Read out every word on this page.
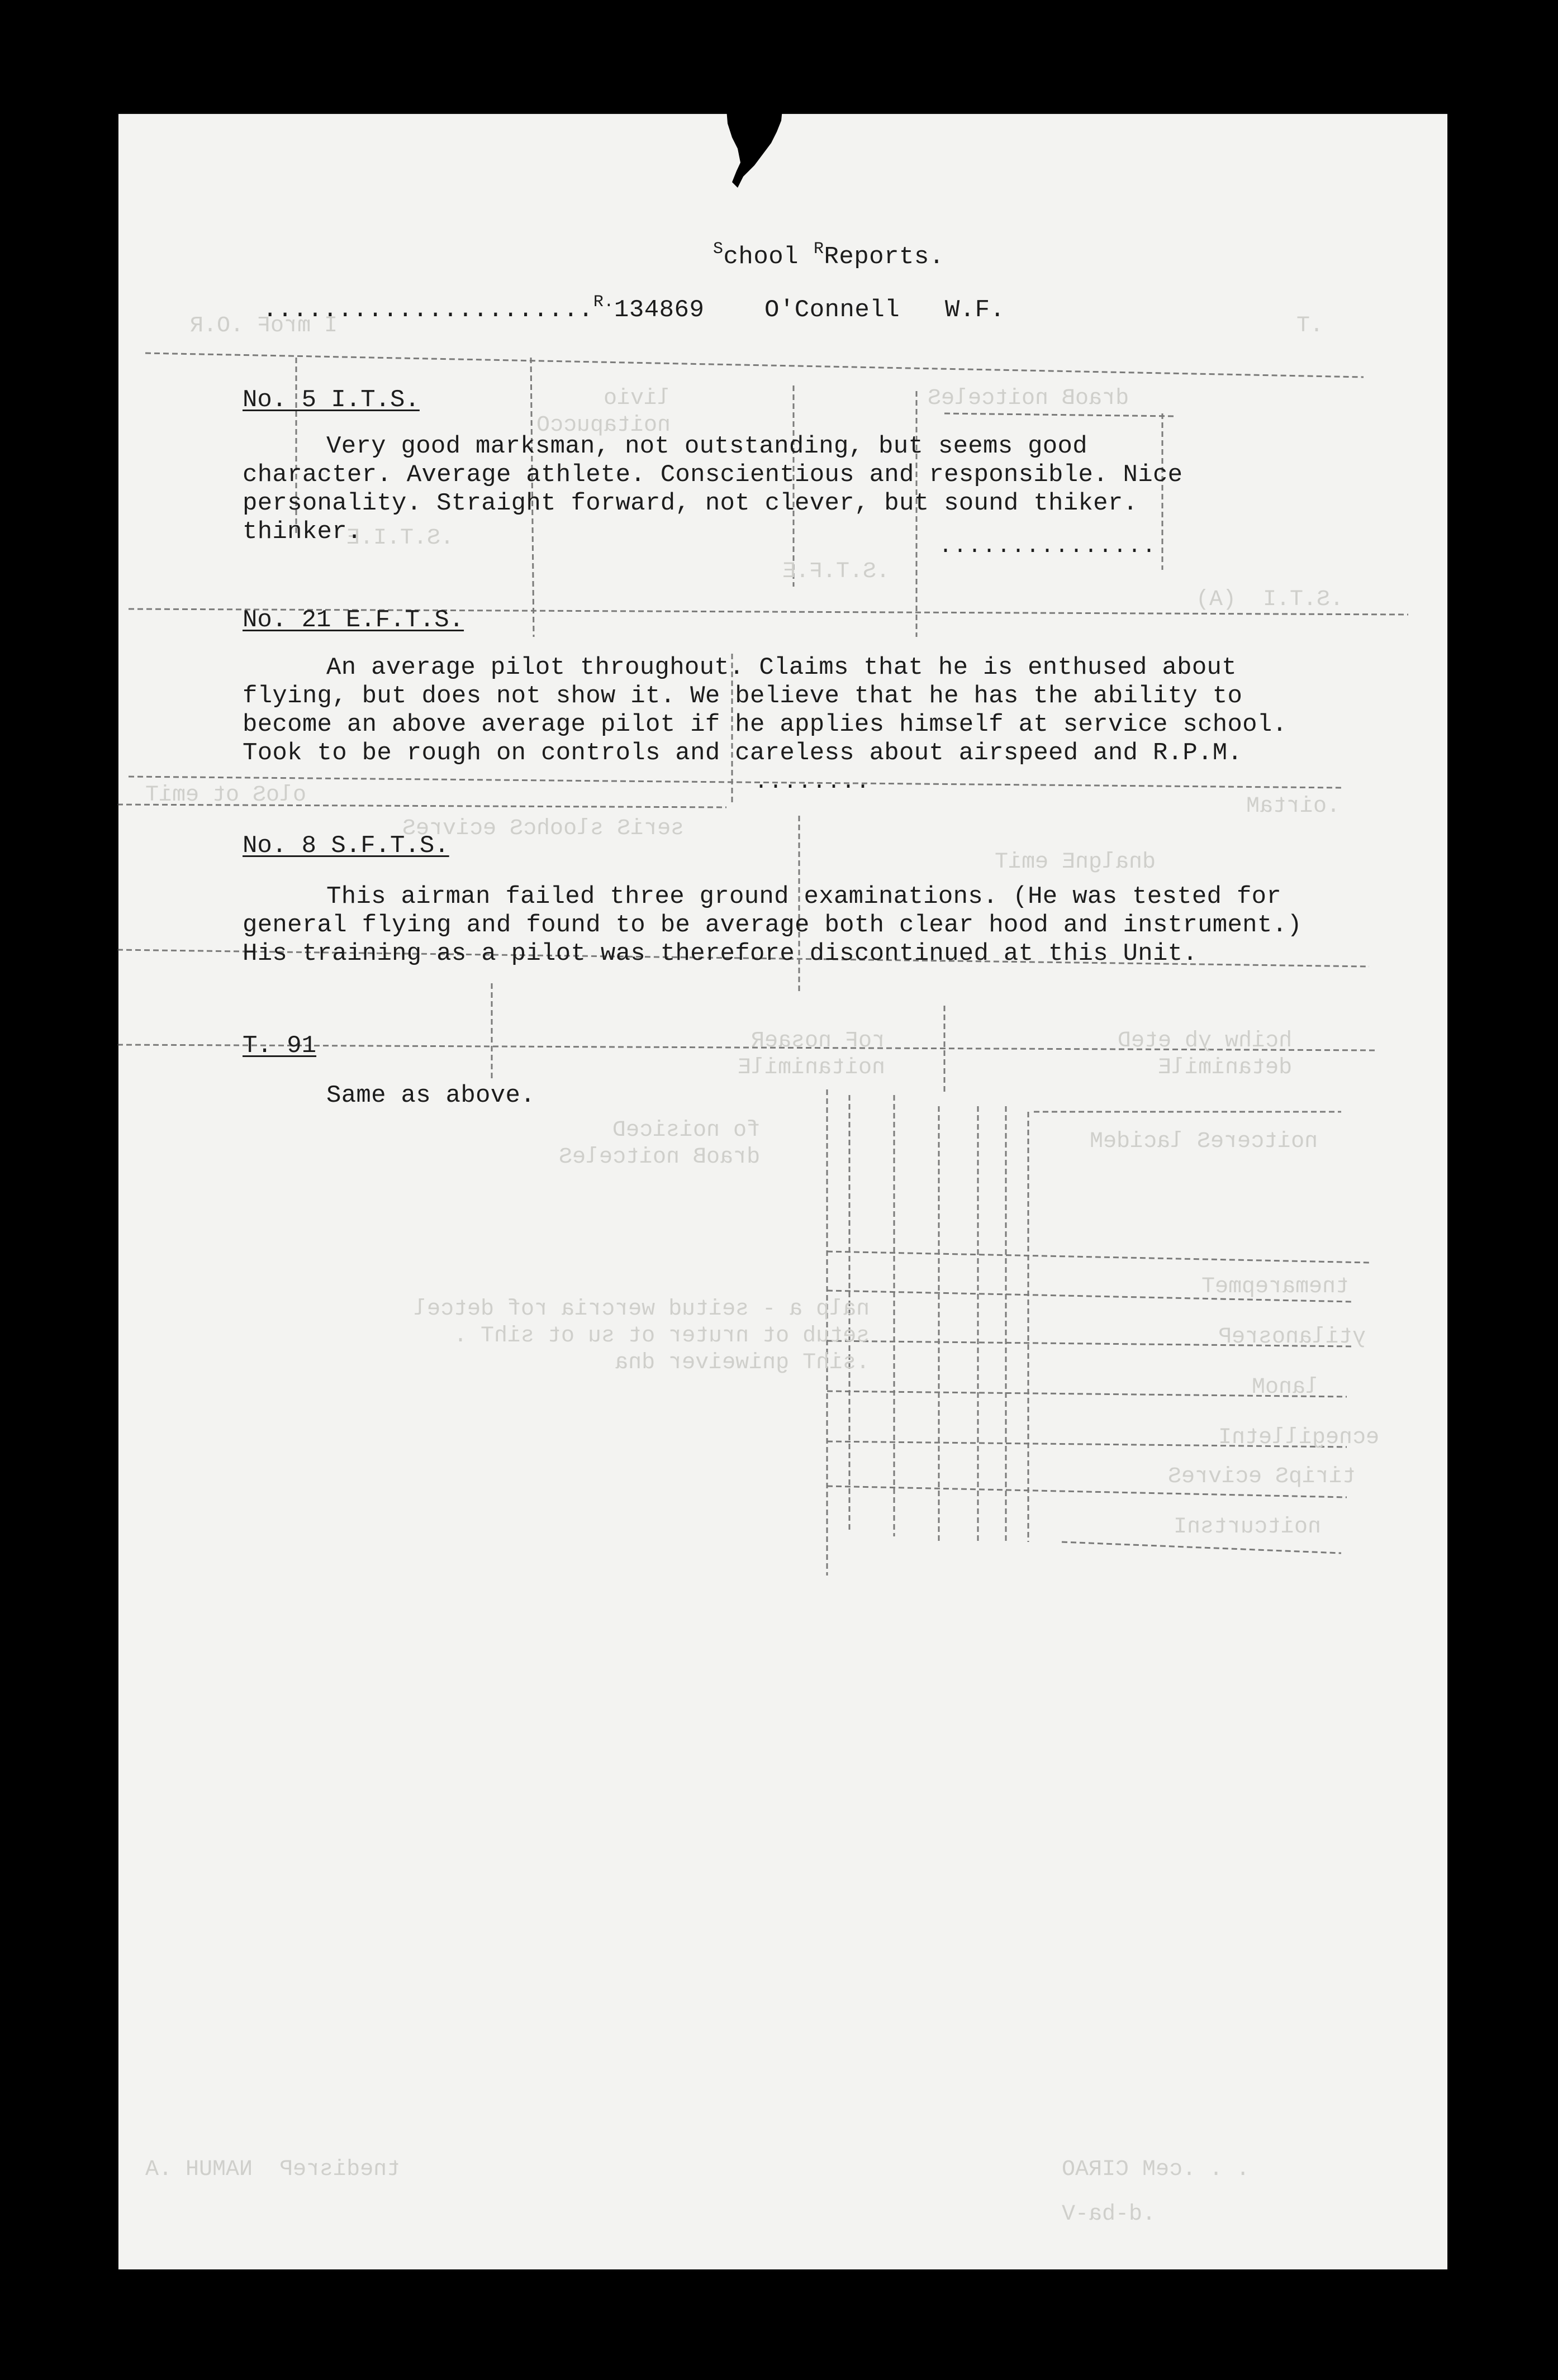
I mroF .O.R	.T
livio
noitapuccO
draoB noitceleS
.S.T.I.E
.S.T.F.E
.S.T.I  (A)
.oirtaM
oloS ot emiT
seriS sloohcS ecivreS
dnalgnE emiT
roF nosaeR
noitanimilE
hcihw yb eteD
detanimilE
fo noisiceD
draoB noitceleS
noitcereS lacideM
tnemarepmeT
ytilanosreP
lanoM
ecnegilletnI
tiripS ecivreS
noitcurtsnI
nalp a - seitud wercria rof detcel
setub ot nruter ot su ot sihT .
.sihT gniweiver dna
tnedisreP  NAMUH .A	. . .ceM CIRAO
.d-ba-V
$^S$chool $^R$Reports.
......................$^{R.}$134869 O'Connell   W.F.
No. 5 I.T.S.
Very good marksman, not outstanding, but seems good character. Average athlete. Conscientious and responsible. Nice personality. Straight forward, not clever, but sound thiker. thinker.
...............
No. 21 E.F.T.S.
An average pilot throughout. Claims that he is enthused about flying, but does not show it. We believe that he has the ability to become an above average pilot if he applies himself at service school. Took to be rough on controls and careless about airspeed and R.P.M.
........
No. 8 S.F.T.S.
This airman failed three ground examinations. (He was tested for general flying and found to be average both clear hood and instrument.) His training as a pilot was therefore discontinued at this Unit.
T. 91
Same as above.
